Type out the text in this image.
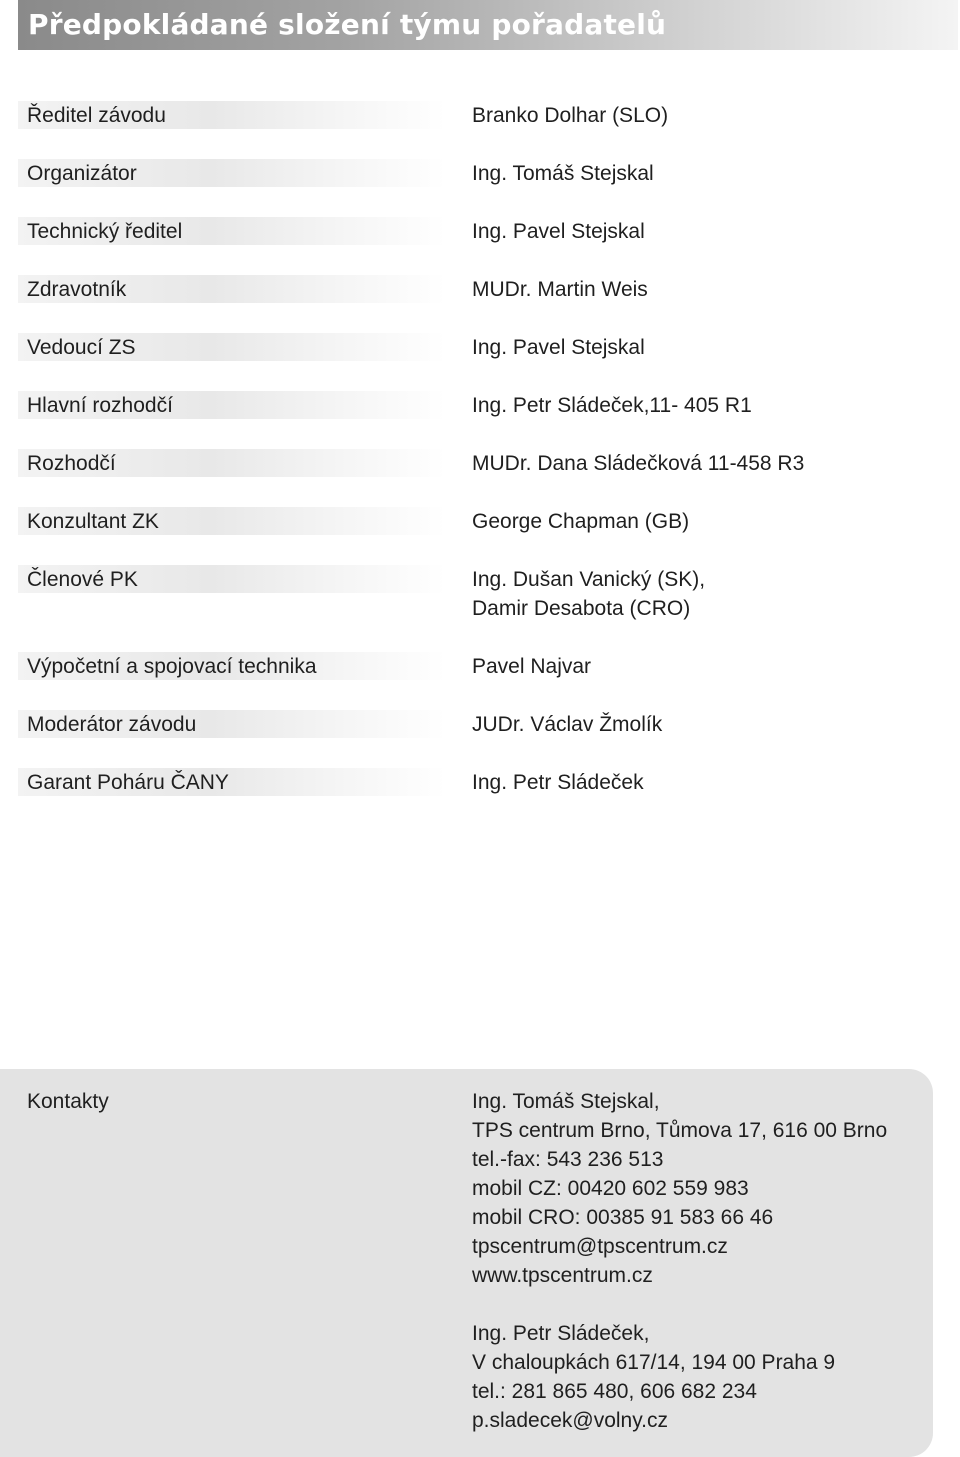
Předpokládané složení týmu pořadatelů
Ředitel závodu	Branko Dolhar (SLO)
Organizátor	Ing. Tomáš Stejskal
Technický ředitel	Ing. Pavel Stejskal
Zdravotník	MUDr. Martin Weis
Vedoucí ZS	Ing. Pavel Stejskal
Hlavní rozhodčí	Ing. Petr Sládeček,11- 405 R1
Rozhodčí	MUDr. Dana Sládečková 11-458 R3
Konzultant ZK	George Chapman (GB)
Členové PK	Ing. Dušan Vanický (SK),
Damir Desabota (CRO)
Výpočetní a spojovací technika	Pavel Najvar
Moderátor závodu	JUDr. Václav Žmolík
Garant Poháru ČANY	Ing. Petr Sládeček
Kontakty	Ing. Tomáš Stejskal,
TPS centrum Brno, Tůmova 17, 616 00 Brno
tel.-fax: 543 236 513
mobil CZ: 00420 602 559 983
mobil CRO: 00385 91 583 66 46
tpscentrum@tpscentrum.cz
www.tpscentrum.cz
Ing. Petr Sládeček,
V chaloupkách 617/14, 194 00 Praha 9
tel.: 281 865 480, 606 682 234
p.sladecek@volny.cz
